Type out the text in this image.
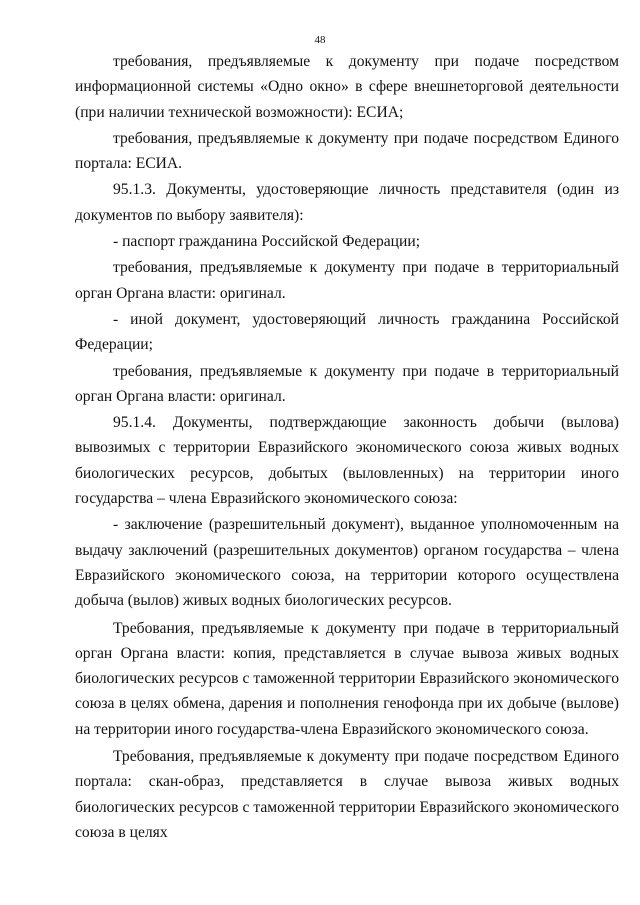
48

требования, предъявляемые к документу при подаче посредством информационной системы «Одно окно» в сфере внешнеторговой деятельности (при наличии технической возможности): ЕСИА;

требования, предъявляемые к документу при подаче посредством Единого портала: ЕСИА.

95.1.3. Документы, удостоверяющие личность представителя (один из документов по выбору заявителя):

- паспорт гражданина Российской Федерации;

требования, предъявляемые к документу при подаче в территориальный орган Органа власти: оригинал.

- иной документ, удостоверяющий личность гражданина Российской Федерации;

требования, предъявляемые к документу при подаче в территориальный орган Органа власти: оригинал.

95.1.4. Документы, подтверждающие законность добычи (вылова) вывозимых с территории Евразийского экономического союза живых водных биологических ресурсов, добытых (выловленных) на территории иного государства – члена Евразийского экономического союза:

- заключение (разрешительный документ), выданное уполномоченным на выдачу заключений (разрешительных документов) органом государства – члена Евразийского экономического союза, на территории которого осуществлена добыча (вылов) живых водных биологических ресурсов.

Требования, предъявляемые к документу при подаче в территориальный орган Органа власти: копия, представляется в случае вывоза живых водных биологических ресурсов с таможенной территории Евразийского экономического союза в целях обмена, дарения и пополнения генофонда при их добыче (вылове) на территории иного государства-члена Евразийского экономического союза.

Требования, предъявляемые к документу при подаче посредством Единого портала: скан-образ, представляется в случае вывоза живых водных биологических ресурсов с таможенной территории Евразийского экономического союза в целях
